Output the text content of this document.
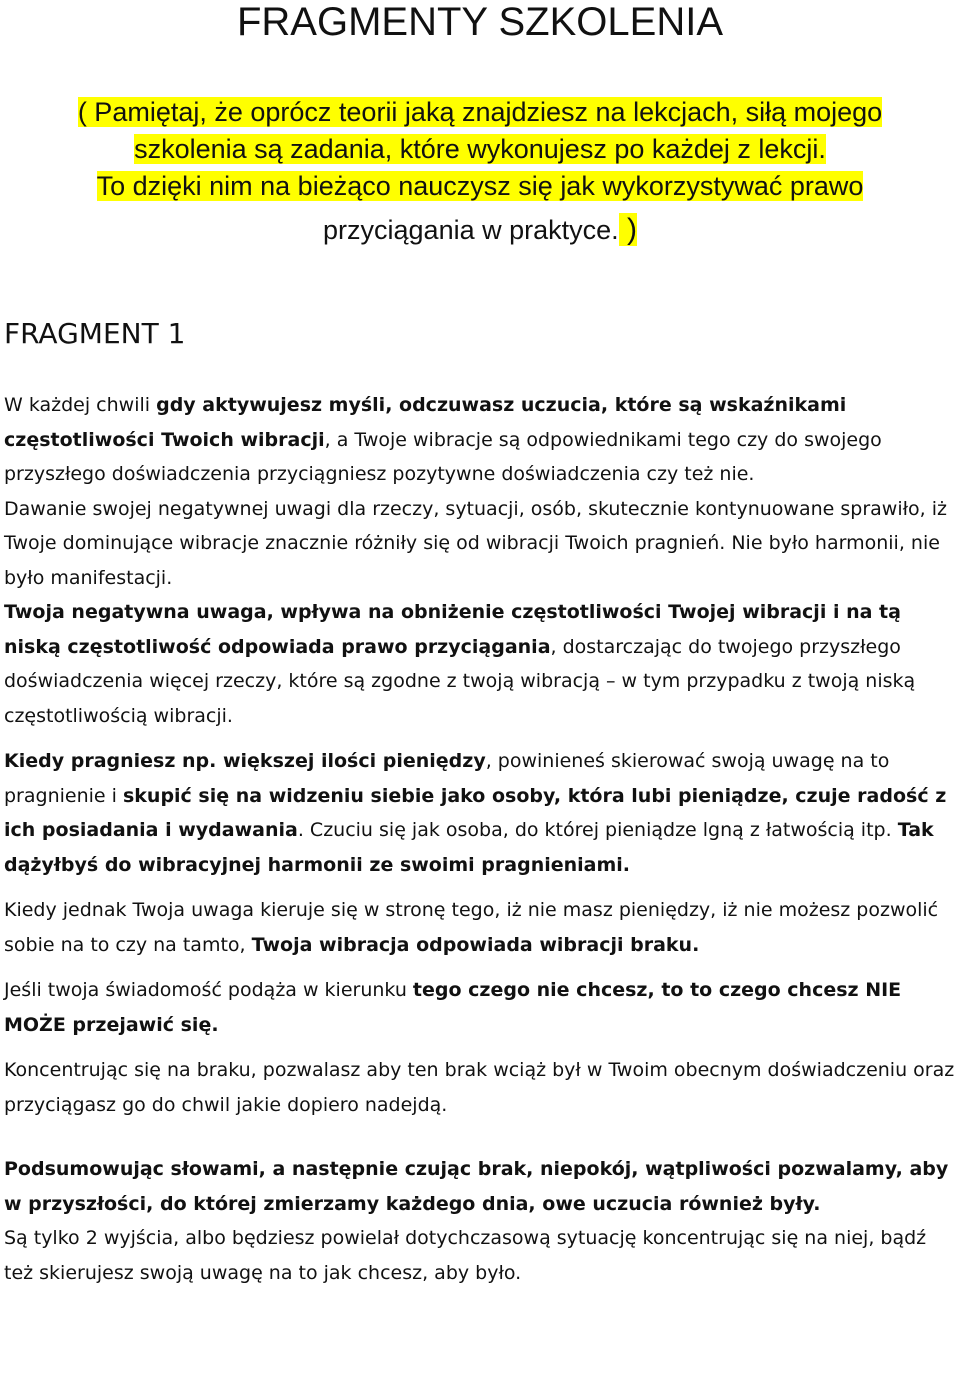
FRAGMENTY SZKOLENIA
( Pamiętaj, że oprócz teorii jaką znajdziesz na lekcjach, siłą mojego
szkolenia są zadania, które wykonujesz po każdej z lekcji.
To dzięki nim na bieżąco nauczysz się jak wykorzystywać prawo
przyciągania w praktyce. )
FRAGMENT 1

W każdej chwili gdy aktywujesz myśli, odczuwasz uczucia, które są wskaźnikami częstotliwości Twoich wibracji, a Twoje wibracje są odpowiednikami tego czy do swojego przyszłego doświadczenia przyciągniesz pozytywne doświadczenia czy też nie.

Dawanie swojej negatywnej uwagi dla rzeczy, sytuacji, osób, skutecznie kontynuowane sprawiło, iż Twoje dominujące wibracje znacznie różniły się od wibracji Twoich pragnień. Nie było harmonii, nie było manifestacji.

Twoja negatywna uwaga, wpływa na obniżenie częstotliwości Twojej wibracji i na tą niską częstotliwość odpowiada prawo przyciągania, dostarczając do twojego przyszłego doświadczenia więcej rzeczy, które są zgodne z twoją wibracją – w tym przypadku z twoją niską częstotliwością wibracji.

Kiedy pragniesz np. większej ilości pieniędzy, powinieneś skierować swoją uwagę na to pragnienie i skupić się na widzeniu siebie jako osoby, która lubi pieniądze, czuje radość z ich posiadania i wydawania. Czuciu się jak osoba, do której pieniądze lgną z łatwością itp. Tak dążyłbyś do wibracyjnej harmonii ze swoimi pragnieniami.

Kiedy jednak Twoja uwaga kieruje się w stronę tego, iż nie masz pieniędzy, iż nie możesz pozwolić sobie na to czy na tamto, Twoja wibracja odpowiada wibracji braku.

Jeśli twoja świadomość podąża w kierunku tego czego nie chcesz, to to czego chcesz NIE MOŻE przejawić się.

Koncentrując się na braku, pozwalasz aby ten brak wciąż był w Twoim obecnym doświadczeniu oraz przyciągasz go do chwil jakie dopiero nadejdą.

Podsumowując słowami, a następnie czując brak, niepokój, wątpliwości pozwalamy, aby w przyszłości, do której zmierzamy każdego dnia, owe uczucia również były.

Są tylko 2 wyjścia, albo będziesz powielał dotychczasową sytuację koncentrując się na niej, bądź też skierujesz swoją uwagę na to jak chcesz, aby było.
